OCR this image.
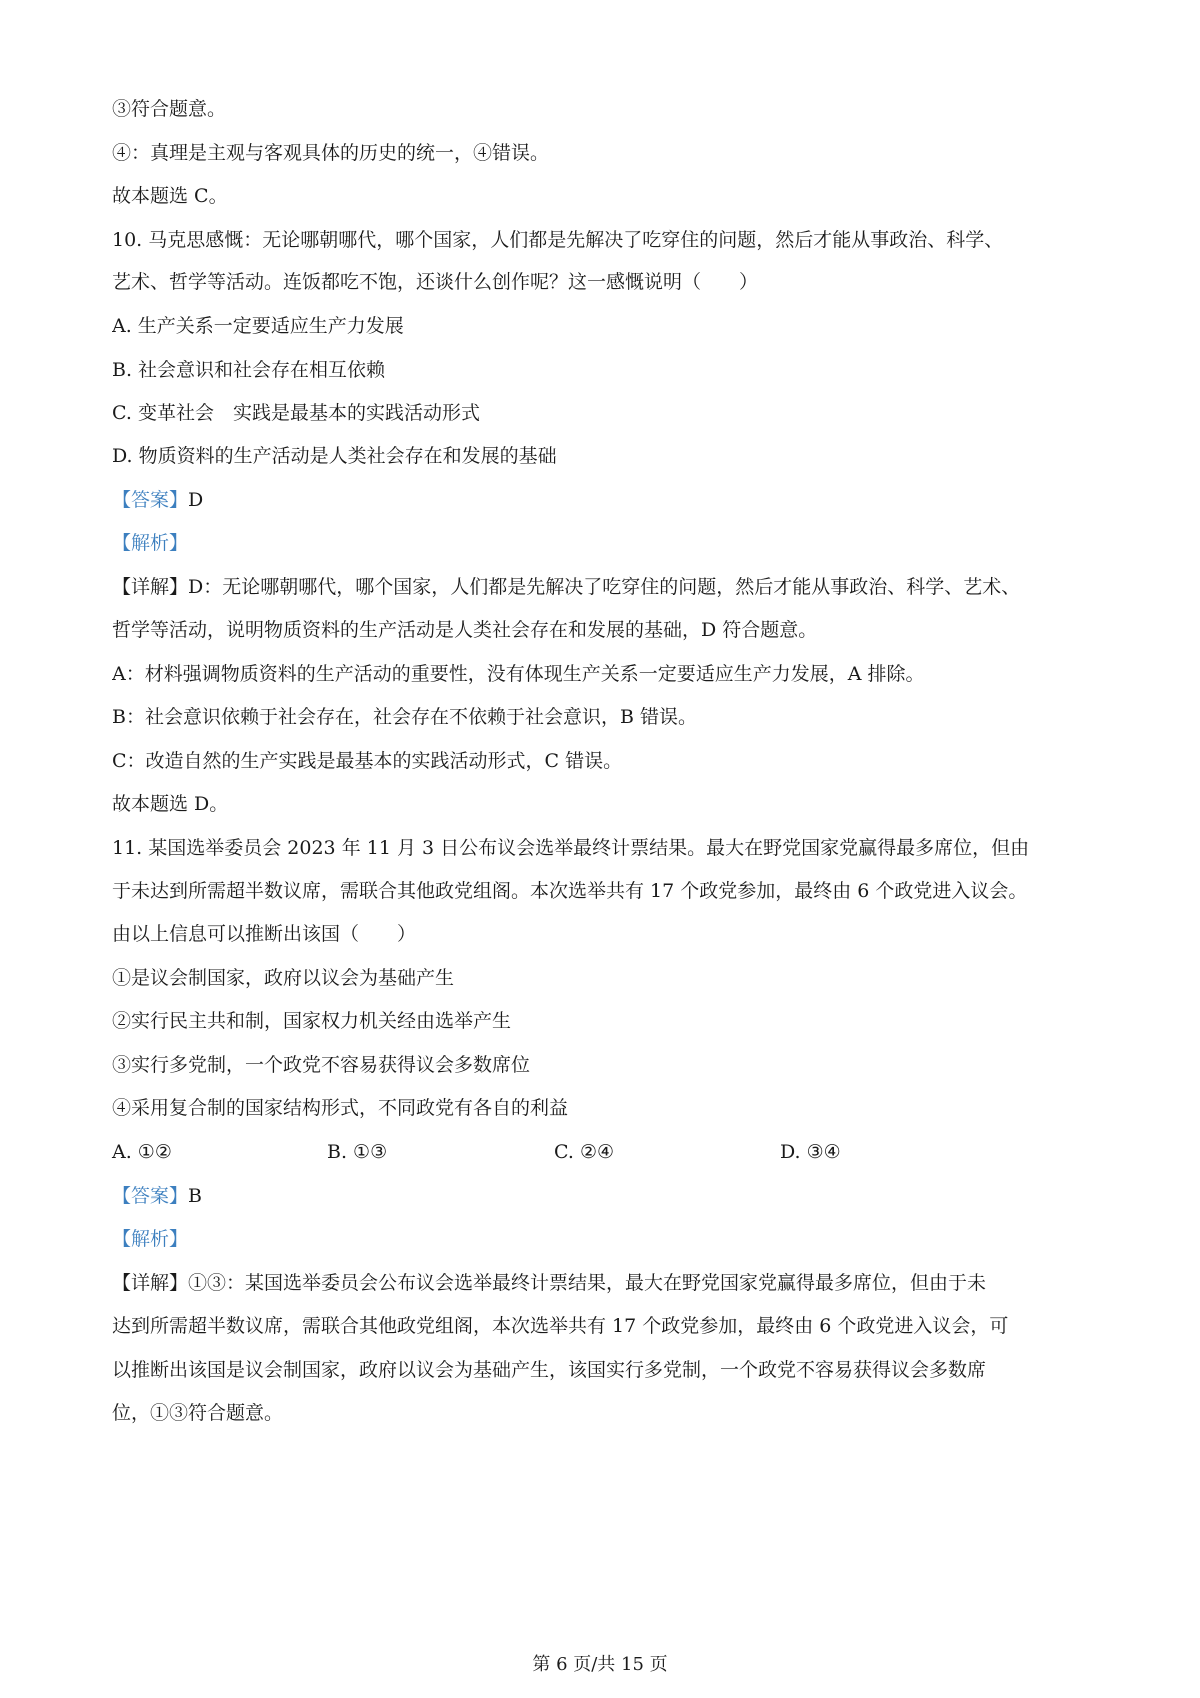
③符合题意。
④：真理是主观与客观具体的历史的统一，④错误。
故本题选 C。
10. 马克思感慨：无论哪朝哪代，哪个国家，人们都是先解决了吃穿住的问题，然后才能从事政治、科学、
艺术、哲学等活动。连饭都吃不饱，还谈什么创作呢？这一感慨说明（　　）
A. 生产关系一定要适应生产力发展
B. 社会意识和社会存在相互依赖
C. 变革社会　实践是最基本的实践活动形式
D. 物质资料的生产活动是人类社会存在和发展的基础
【答案】D
【解析】
【详解】D：无论哪朝哪代，哪个国家，人们都是先解决了吃穿住的问题，然后才能从事政治、科学、艺术、
哲学等活动，说明物质资料的生产活动是人类社会存在和发展的基础，D 符合题意。
A：材料强调物质资料的生产活动的重要性，没有体现生产关系一定要适应生产力发展，A 排除。
B：社会意识依赖于社会存在，社会存在不依赖于社会意识，B 错误。
C：改造自然的生产实践是最基本的实践活动形式，C 错误。
故本题选 D。
11. 某国选举委员会 2023 年 11 月 3 日公布议会选举最终计票结果。最大在野党国家党赢得最多席位，但由
于未达到所需超半数议席，需联合其他政党组阁。本次选举共有 17 个政党参加，最终由 6 个政党进入议会。
由以上信息可以推断出该国（　　）
①是议会制国家，政府以议会为基础产生
②实行民主共和制，国家权力机关经由选举产生
③实行多党制，一个政党不容易获得议会多数席位
④采用复合制的国家结构形式，不同政党有各自的利益
A. ①②	B. ①③	C. ②④	D. ③④
【答案】B
【解析】
【详解】①③：某国选举委员会公布议会选举最终计票结果，最大在野党国家党赢得最多席位，但由于未
达到所需超半数议席，需联合其他政党组阁，本次选举共有 17 个政党参加，最终由 6 个政党进入议会，可
以推断出该国是议会制国家，政府以议会为基础产生，该国实行多党制，一个政党不容易获得议会多数席
位，①③符合题意。
第 6 页/共 15 页
